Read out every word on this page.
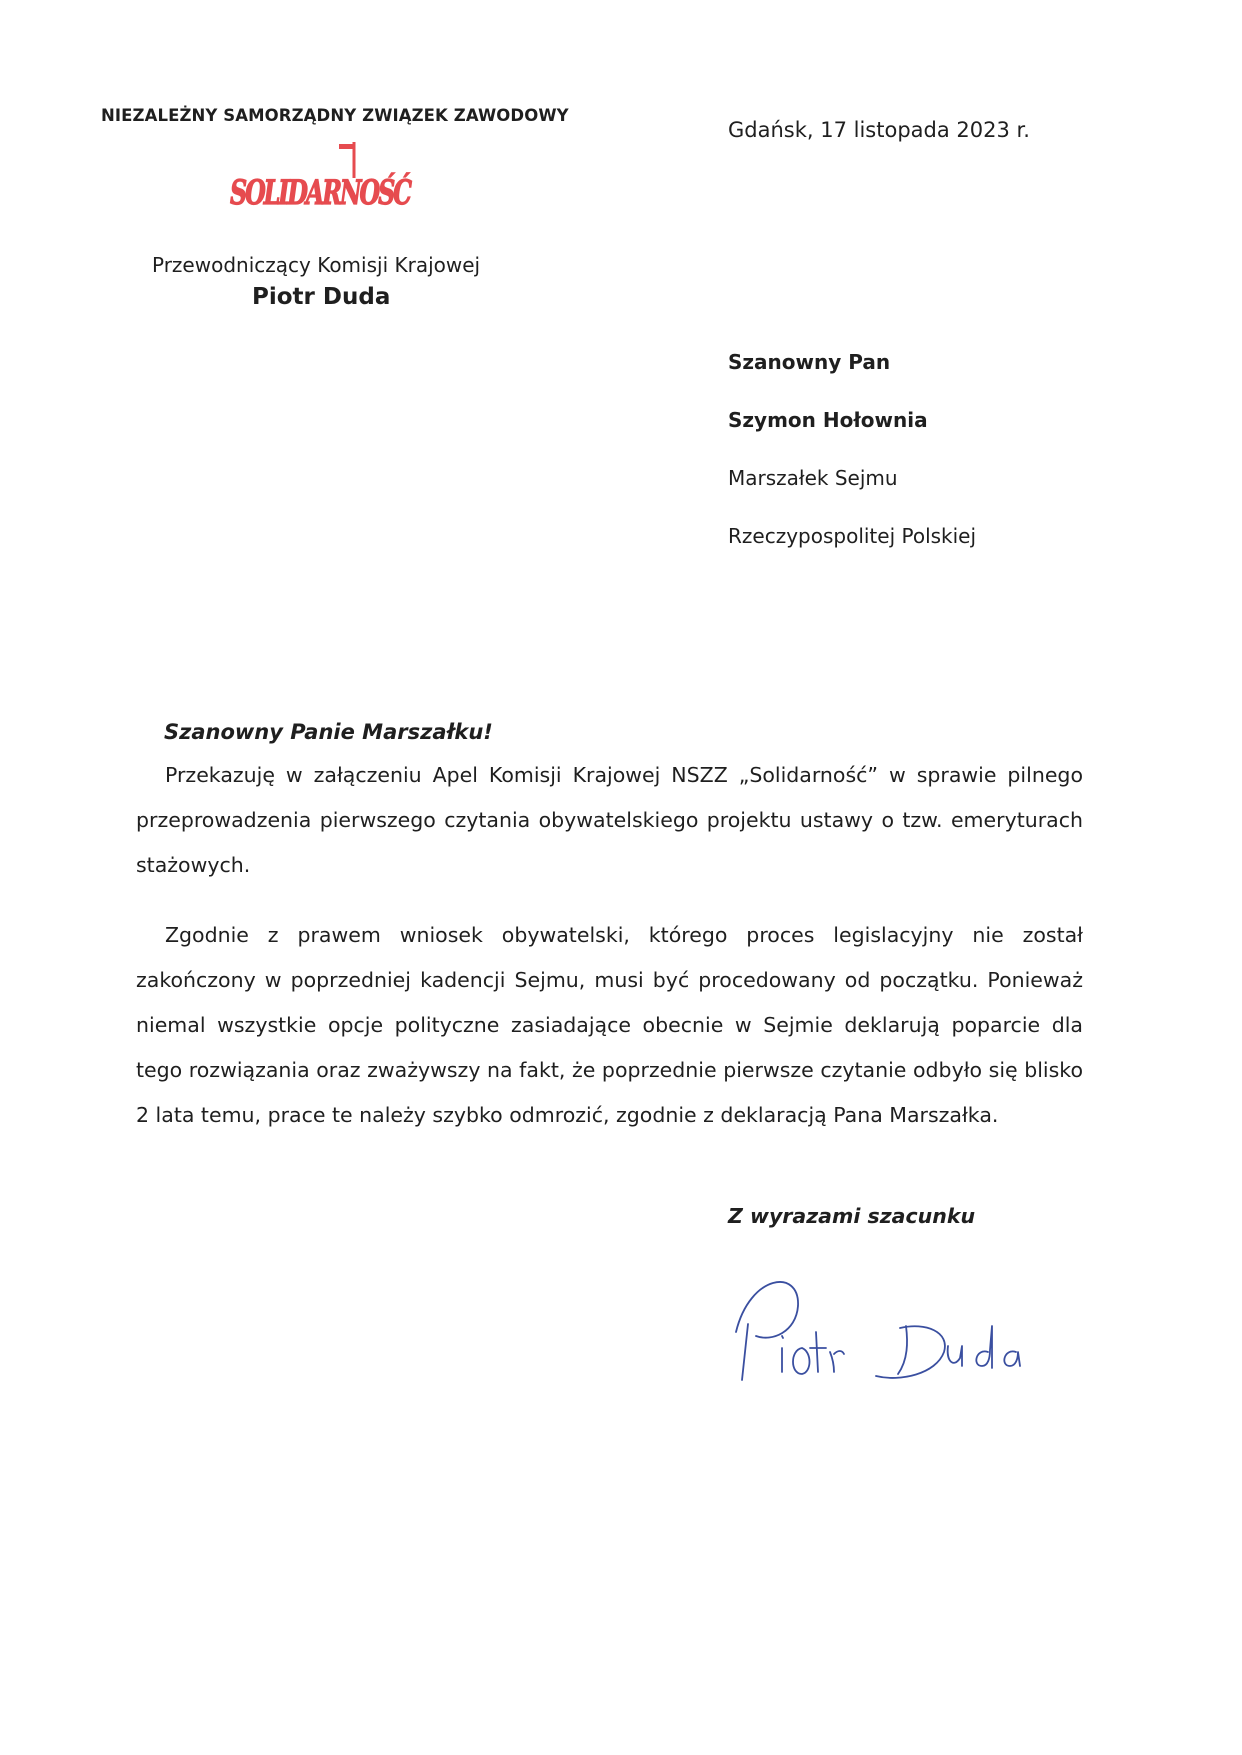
NIEZALEŻNY SAMORZĄDNY ZWIĄZEK ZAWODOWY
SOLIDARNOŚĆ
Gdańsk, 17 listopada 2023 r.
Przewodniczący Komisji Krajowej
Piotr Duda
Szanowny Pan
Szymon Hołownia
Marszałek Sejmu
Rzeczypospolitej Polskiej
Szanowny Panie Marszałku!
Przekazuję w załączeniu Apel Komisji Krajowej NSZZ „Solidarność” w sprawie pilnego przeprowadzenia pierwszego czytania obywatelskiego projektu ustawy o tzw. emeryturach stażowych.
Zgodnie z prawem wniosek obywatelski, którego proces legislacyjny nie został zakończony w poprzedniej kadencji Sejmu, musi być procedowany od początku. Ponieważ niemal wszystkie opcje polityczne zasiadające obecnie w Sejmie deklarują poparcie dla tego rozwiązania oraz zważywszy na fakt, że poprzednie pierwsze czytanie odbyło się blisko 2 lata temu, prace te należy szybko odmrozić, zgodnie z deklaracją Pana Marszałka.
Z wyrazami szacunku
